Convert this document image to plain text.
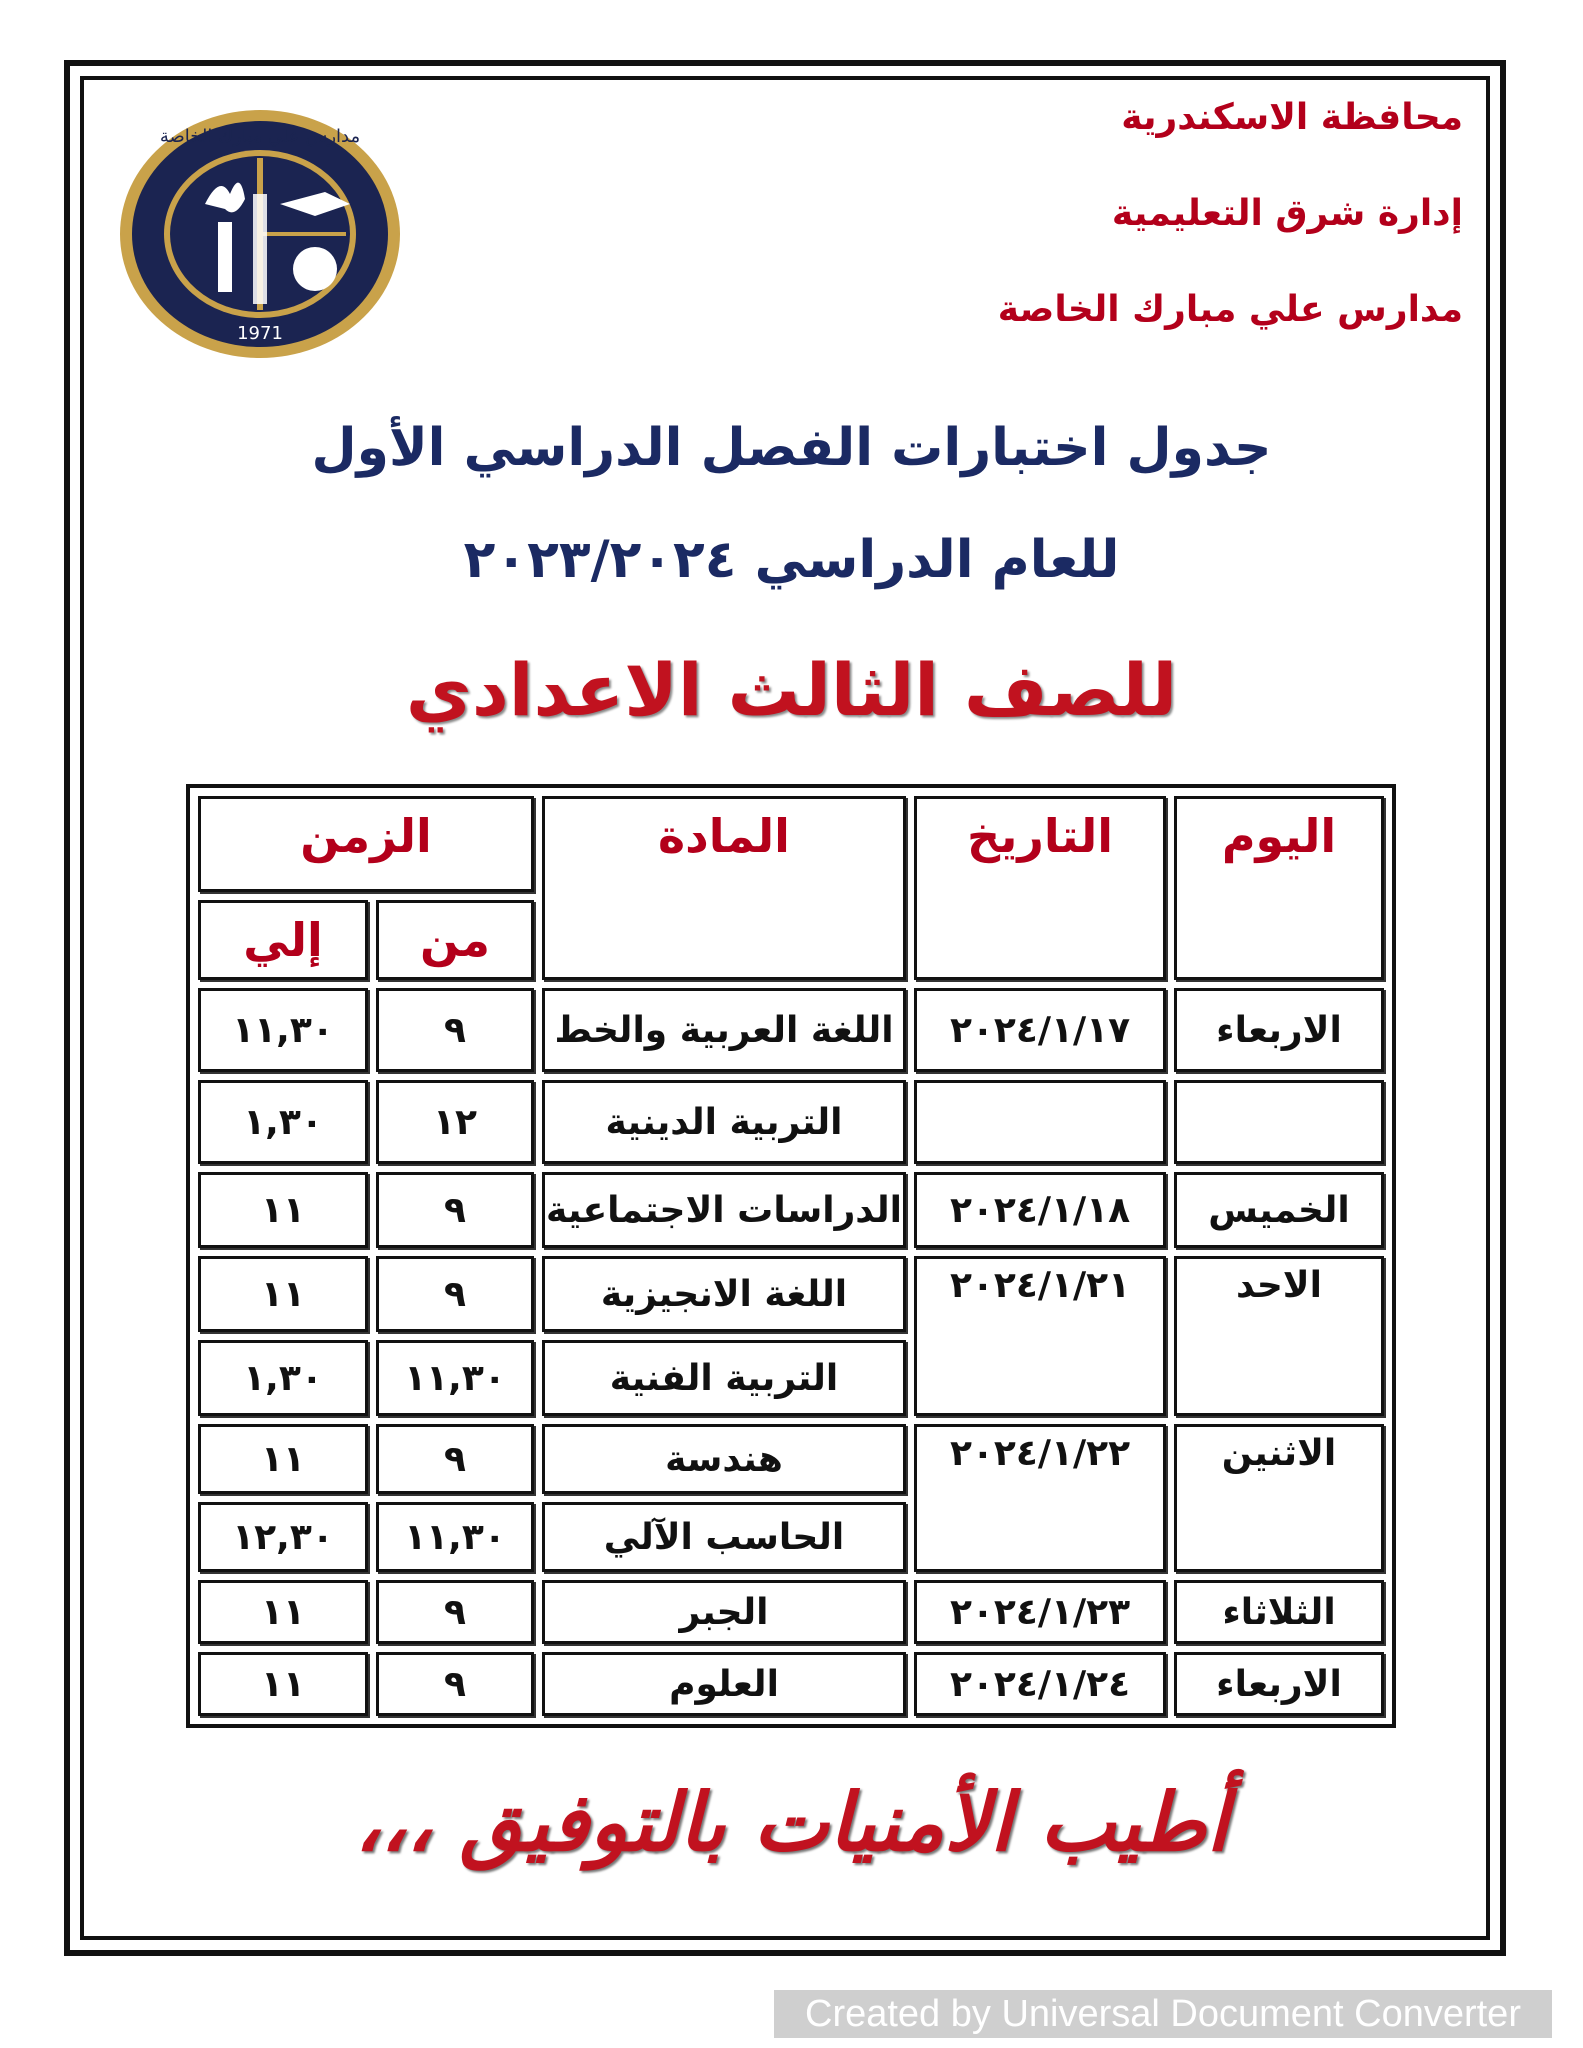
محافظة الاسكندرية
إدارة شرق التعليمية
مدارس علي مبارك الخاصة
1971
مدارس علي مبارك الخاصة
جدول اختبارات الفصل الدراسي الأول
للعام الدراسي ٢٠٢٣/٢٠٢٤
للصف الثالث الاعدادي
اليوم	التاريخ	المادة	الزمن	
			من	إلي
الاربعاء	٢٠٢٤/١/١٧	اللغة العربية والخط	٩	١١,٣٠
		التربية الدينية	١٢	١,٣٠
الخميس	٢٠٢٤/١/١٨	الدراسات الاجتماعية	٩	١١
الاحد	٢٠٢٤/١/٢١	اللغة الانجيزية	٩	١١
		التربية الفنية	١١,٣٠	١,٣٠
الاثنين	٢٠٢٤/١/٢٢	هندسة	٩	١١
		الحاسب الآلي	١١,٣٠	١٢,٣٠
الثلاثاء	٢٠٢٤/١/٢٣	الجبر	٩	١١
الاربعاء	٢٠٢٤/١/٢٤	العلوم	٩	١١
أطيب الأمنيات بالتوفيق ،،،
Created by Universal Document Converter
